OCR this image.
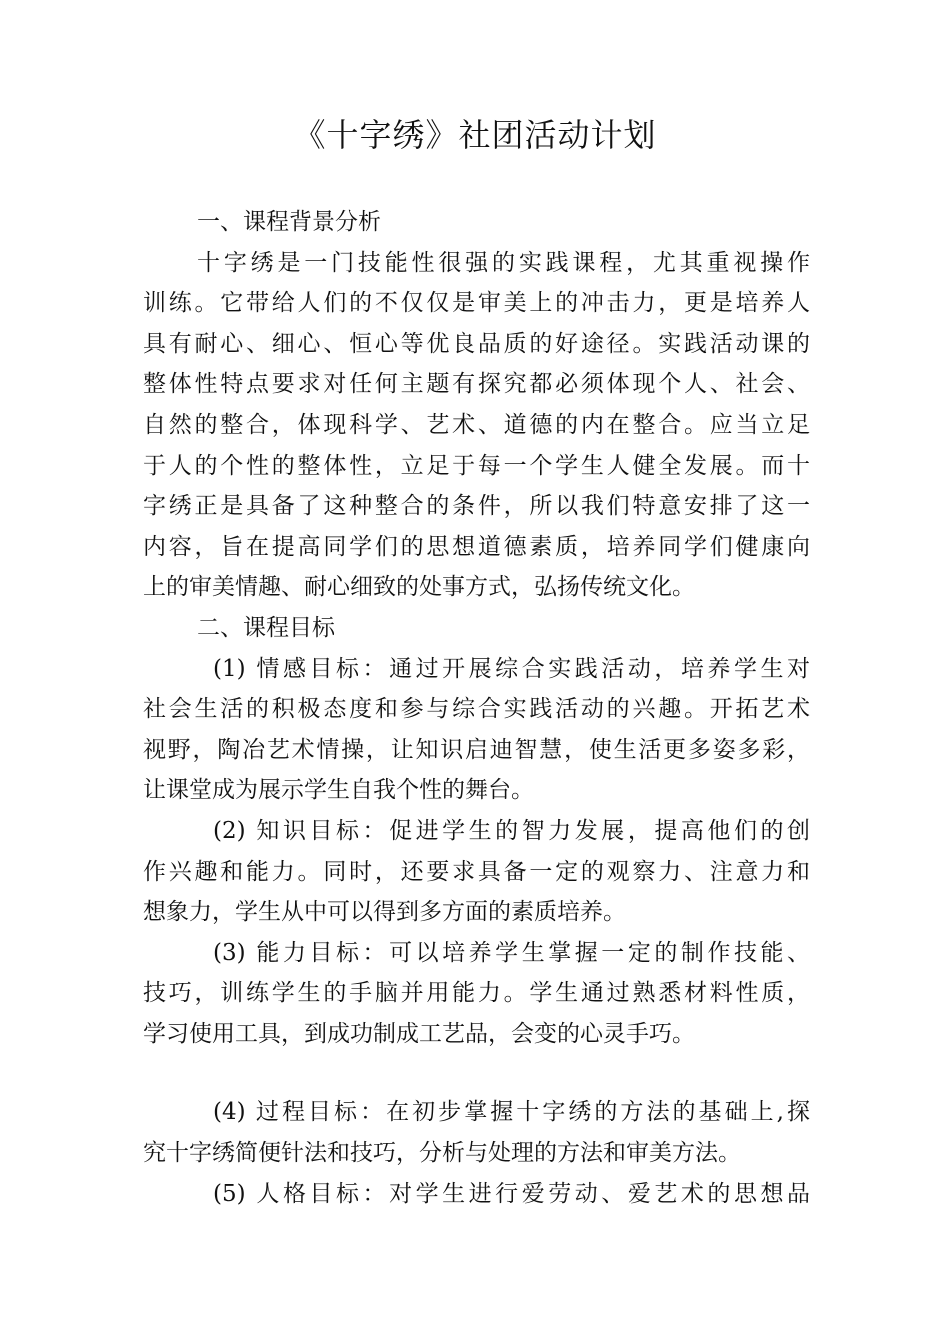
《十字绣》社团活动计划
一、课程背景分析
十字绣是一门技能性很强的实践课程，尤其重视操作
训练。它带给人们的不仅仅是审美上的冲击力，更是培养人
具有耐心、细心、恒心等优良品质的好途径。实践活动课的
整体性特点要求对任何主题有探究都必须体现个人、社会、
自然的整合，体现科学、艺术、道德的内在整合。应当立足
于人的个性的整体性，立足于每一个学生人健全发展。而十
字绣正是具备了这种整合的条件，所以我们特意安排了这一
内容，旨在提高同学们的思想道德素质，培养同学们健康向
上的审美情趣、耐心细致的处事方式，弘扬传统文化。
二、课程目标
(1) 情感目标：通过开展综合实践活动，培养学生对
社会生活的积极态度和参与综合实践活动的兴趣。开拓艺术
视野，陶冶艺术情操，让知识启迪智慧，使生活更多姿多彩，
让课堂成为展示学生自我个性的舞台。
(2) 知识目标：促进学生的智力发展，提高他们的创
作兴趣和能力。同时，还要求具备一定的观察力、注意力和
想象力，学生从中可以得到多方面的素质培养。
(3) 能力目标：可以培养学生掌握一定的制作技能、
技巧，训练学生的手脑并用能力。学生通过熟悉材料性质，
学习使用工具，到成功制成工艺品，会变的心灵手巧。
(4) 过程目标：在初步掌握十字绣的方法的基础上,探
究十字绣简便针法和技巧，分析与处理的方法和审美方法。
(5) 人格目标：对学生进行爱劳动、爱艺术的思想品
